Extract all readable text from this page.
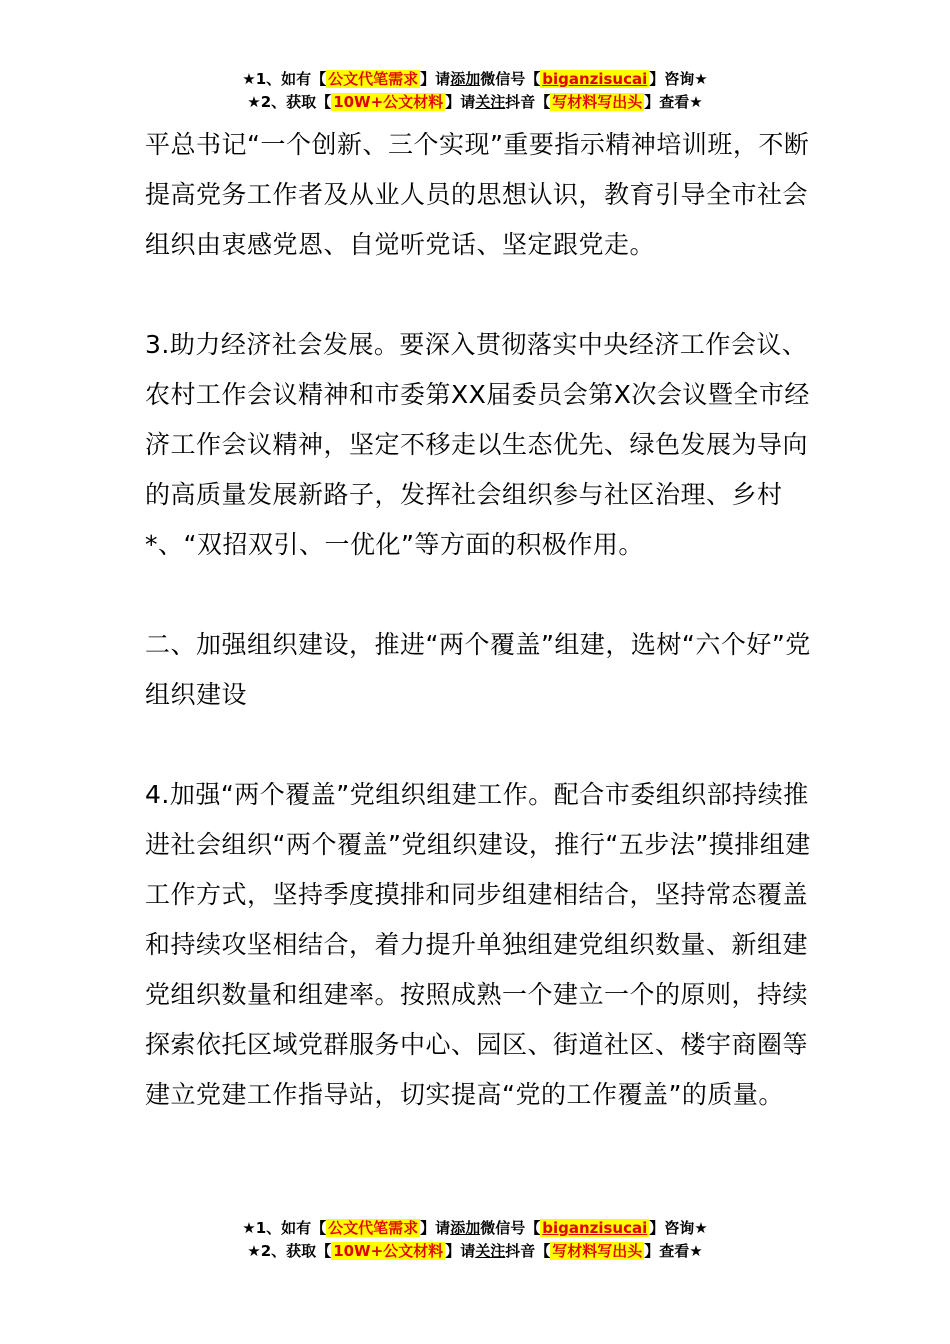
★1、如有【 公文代笔需求 】请添加微信号【 biganzisucai 】咨询★
★2、获取【 10W+公文材料 】请关注抖音【 写材料写出头 】查看★

平总书记“一个创新、三个实现”重要指示精神培训班，不断提高党务工作者及从业人员的思想认识，教育引导全市社会组织由衷感党恩、自觉听党话、坚定跟党走。

3.助力经济社会发展。要深入贯彻落实中央经济工作会议、农村工作会议精神和市委第XX届委员会第X次会议暨全市经济工作会议精神，坚定不移走以生态优先、绿色发展为导向的高质量发展新路子，发挥社会组织参与社区治理、乡村*、“双招双引、一优化”等方面的积极作用。

二、加强组织建设，推进“两个覆盖”组建，选树“六个好”党组织建设

4.加强“两个覆盖”党组织组建工作。配合市委组织部持续推进社会组织“两个覆盖”党组织建设，推行“五步法”摸排组建工作方式，坚持季度摸排和同步组建相结合，坚持常态覆盖和持续攻坚相结合，着力提升单独组建党组织数量、新组建党组织数量和组建率。按照成熟一个建立一个的原则，持续探索依托区域党群服务中心、园区、街道社区、楼宇商圈等建立党建工作指导站，切实提高“党的工作覆盖”的质量。

★1、如有【 公文代笔需求 】请添加微信号【 biganzisucai 】咨询★
★2、获取【 10W+公文材料 】请关注抖音【 写材料写出头 】查看★
